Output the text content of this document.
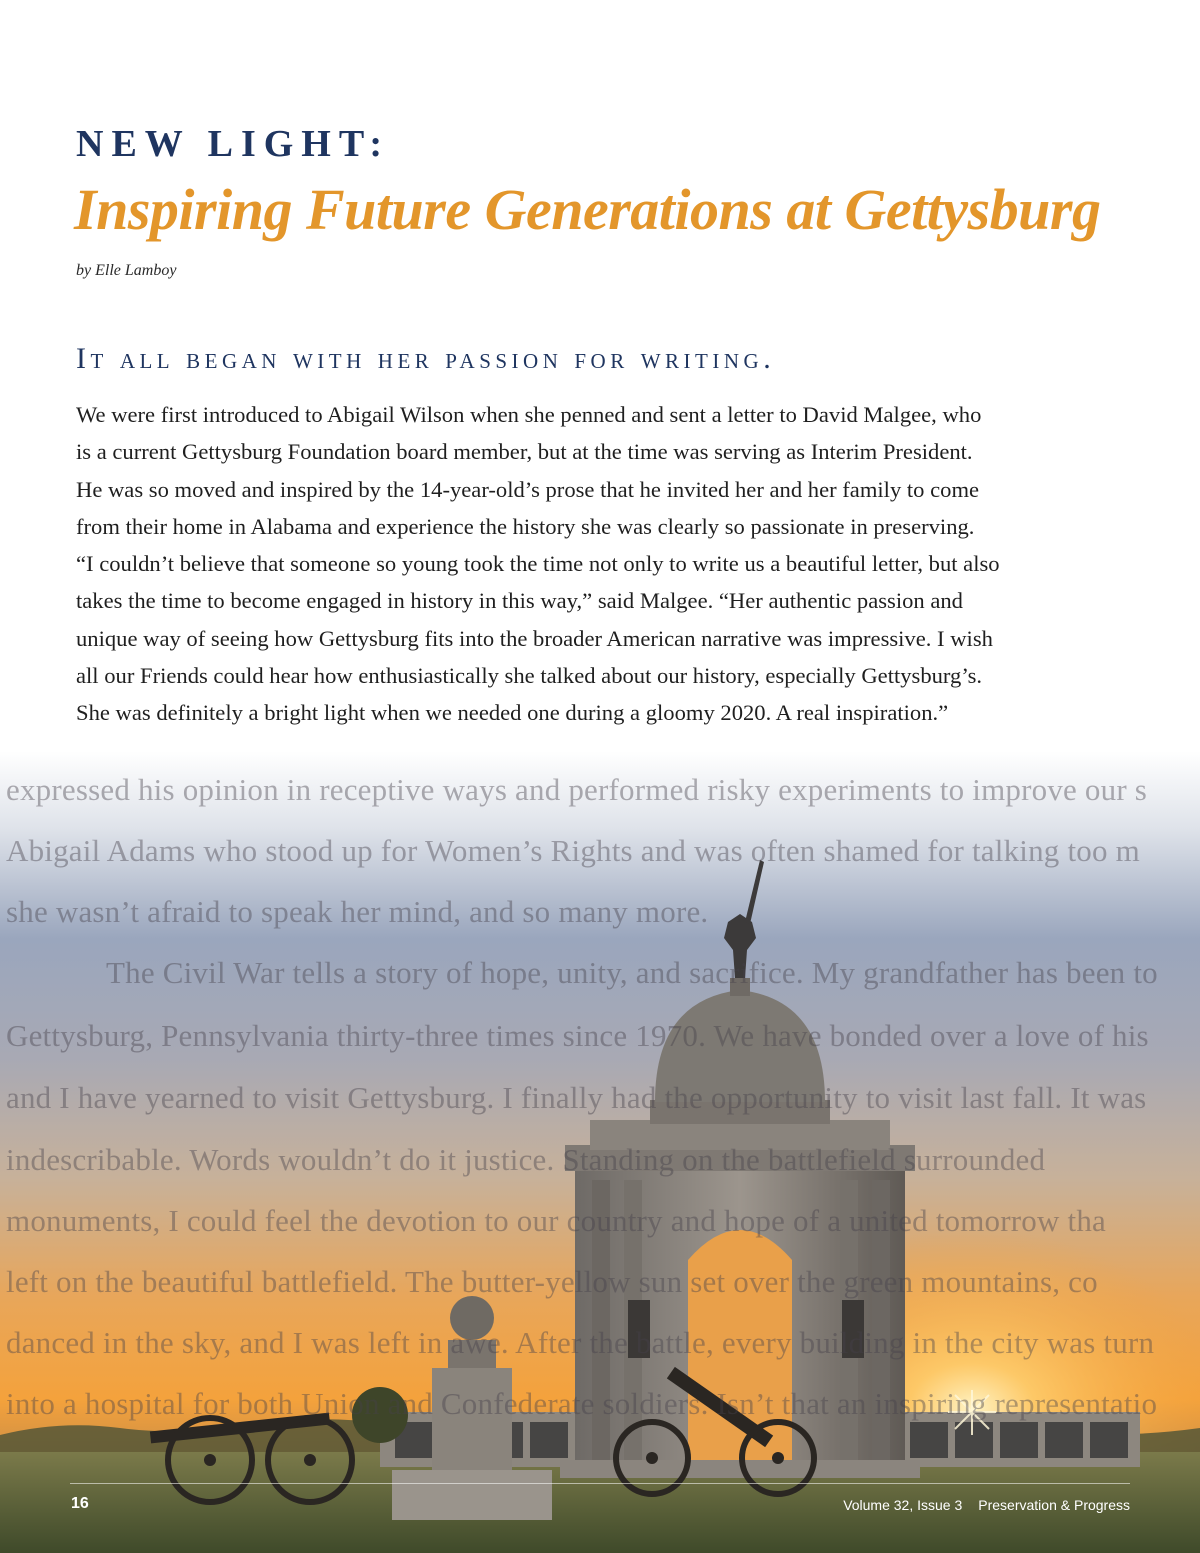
expressed his opinion in receptive ways and performed risky experiments to improve our s
Abigail Adams who stood up for Women’s Rights and was often shamed for talking too m
she wasn’t afraid to speak her mind, and so many more.
The Civil War tells a story of hope, unity, and sacrifice. My grandfather has been to
Gettysburg, Pennsylvania thirty-three times since 1970. We have bonded over a love of his
and I have yearned to visit Gettysburg. I finally had the opportunity to visit last fall. It was
indescribable. Words wouldn’t do it justice. Standing on the battlefield surrounded
monuments, I could feel the devotion to our country and hope of a united tomorrow tha
left on the beautiful battlefield. The butter-yellow sun set over the green mountains, co
danced in the sky, and I was left in awe. After the battle, every building in the city was turn
into a hospital for both Union and Confederate soldiers. Isn’t that an inspiring representatio
NEW LIGHT:
Inspiring Future Generations at Gettysburg

by Elle Lamboy

It all began with her passion for writing.
We were first introduced to Abigail Wilson when she penned and sent a letter to David Malgee, who
is a current Gettysburg Foundation board member, but at the time was serving as Interim President.
He was so moved and inspired by the 14-year-old’s prose that he invited her and her family to come
from their home in Alabama and experience the history she was clearly so passionate in preserving.
“I couldn’t believe that someone so young took the time not only to write us a beautiful letter, but also
takes the time to become engaged in history in this way,” said Malgee. “Her authentic passion and
unique way of seeing how Gettysburg fits into the broader American narrative was impressive. I wish
all our Friends could hear how enthusiastically she talked about our history, especially Gettysburg’s.
She was definitely a bright light when we needed one during a gloomy 2020. A real inspiration.”

16	Volume 32, Issue 3 Preservation & Progress
